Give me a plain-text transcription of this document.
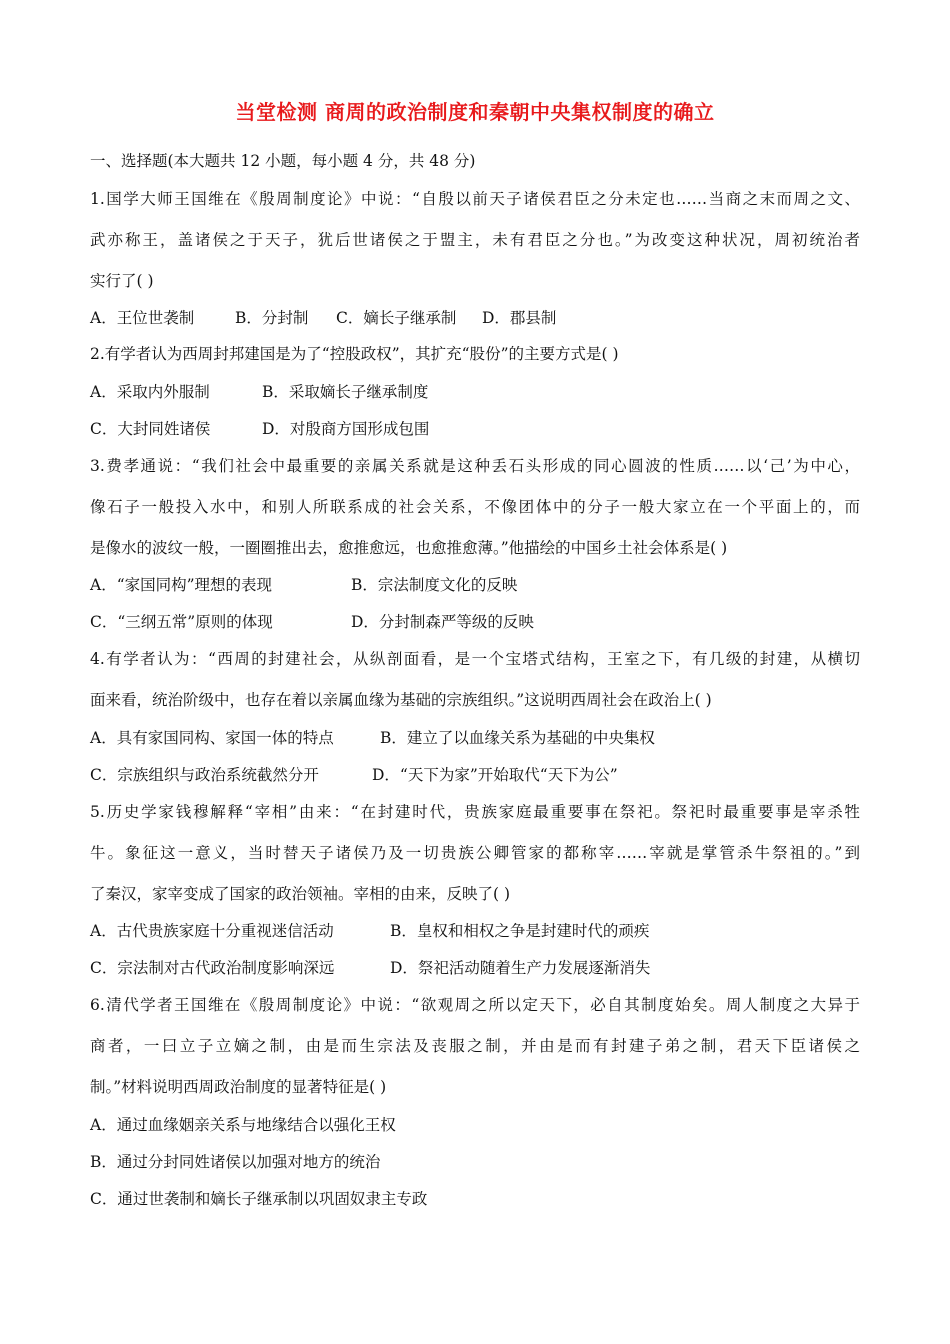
当堂检测 商周的政治制度和秦朝中央集权制度的确立
一、选择题(本大题共 12 小题，每小题 4 分，共 48 分)
1.国学大师王国维在《殷周制度论》中说：“自殷以前天子诸侯君臣之分未定也……当商之末而周之文、
武亦称王，盖诸侯之于天子，犹后世诸侯之于盟主，未有君臣之分也。”为改变这种状况，周初统治者
实行了( )
A．王位世袭制	B．分封制 C．嫡长子继承制 D．郡县制
2.有学者认为西周封邦建国是为了“控股政权”，其扩充“股份”的主要方式是( )
A．采取内外服制	B．采取嫡长子继承制度
C．大封同姓诸侯	D．对殷商方国形成包围
3.费孝通说：“我们社会中最重要的亲属关系就是这种丢石头形成的同心圆波的性质……以‘己’为中心，
像石子一般投入水中，和别人所联系成的社会关系，不像团体中的分子一般大家立在一个平面上的，而
是像水的波纹一般，一圈圈推出去，愈推愈远，也愈推愈薄。”他描绘的中国乡土社会体系是( )
A．“家国同构”理想的表现	B．宗法制度文化的反映
C．“三纲五常”原则的体现	D．分封制森严等级的反映
4.有学者认为：“西周的封建社会，从纵剖面看，是一个宝塔式结构，王室之下，有几级的封建，从横切
面来看，统治阶级中，也存在着以亲属血缘为基础的宗族组织。”这说明西周社会在政治上( )
A．具有家国同构、家国一体的特点	B．建立了以血缘关系为基础的中央集权
C．宗族组织与政治系统截然分开	D．“天下为家”开始取代“天下为公”
5.历史学家钱穆解释“宰相”由来：“在封建时代，贵族家庭最重要事在祭祀。祭祀时最重要事是宰杀牲
牛。象征这一意义，当时替天子诸侯乃及一切贵族公卿管家的都称宰……宰就是掌管杀牛祭祖的。”到
了秦汉，家宰变成了国家的政治领袖。宰相的由来，反映了( )
A．古代贵族家庭十分重视迷信活动	B．皇权和相权之争是封建时代的顽疾
C．宗法制对古代政治制度影响深远	D．祭祀活动随着生产力发展逐渐消失
6.清代学者王国维在《殷周制度论》中说：“欲观周之所以定天下，必自其制度始矣。周人制度之大异于
商者，一曰立子立嫡之制，由是而生宗法及丧服之制，并由是而有封建子弟之制，君天下臣诸侯之
制。”材料说明西周政治制度的显著特征是( )
A．通过血缘姻亲关系与地缘结合以强化王权
B．通过分封同姓诸侯以加强对地方的统治
C．通过世袭制和嫡长子继承制以巩固奴隶主专政
